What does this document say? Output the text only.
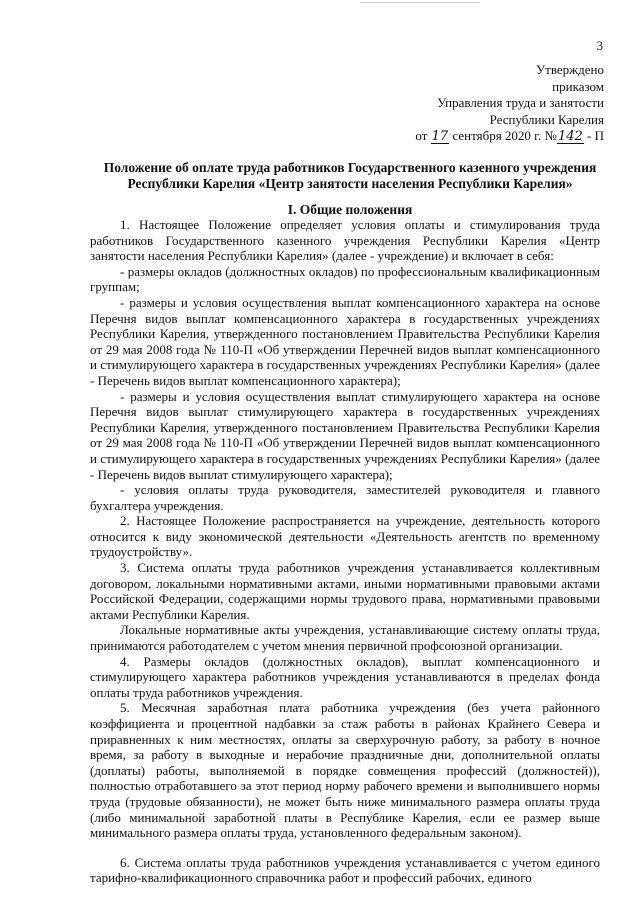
3
Утверждено
приказом
Управления труда и занятости
Республики Карелия
от 17 сентября 2020 г. №142 - П
Положение об оплате труда работников Государственного казенного учреждения
Республики Карелия «Центр занятости населения Республики Карелия»
I. Общие положения

1. Настоящее Положение определяет условия оплаты и стимулирования труда работников Государственного казенного учреждения Республики Карелия «Центр занятости населения Республики Карелия» (далее - учреждение) и включает в себя:

- размеры окладов (должностных окладов) по профессиональным квалификационным группам;

- размеры и условия осуществления выплат компенсационного характера на основе Перечня видов выплат компенсационного характера в государственных учреждениях Республики Карелия, утвержденного постановлением Правительства Республики Карелия от 29 мая 2008 года № 110-П «Об утверждении Перечней видов выплат компенсационного и стимулирующего характера в государственных учреждениях Республики Карелия» (далее - Перечень видов выплат компенсационного характера);

- размеры и условия осуществления выплат стимулирующего характера на основе Перечня видов выплат стимулирующего характера в государственных учреждениях Республики Карелия, утвержденного постановлением Правительства Республики Карелия от 29 мая 2008 года № 110-П «Об утверждении Перечней видов выплат компенсационного и стимулирующего характера в государственных учреждениях Республики Карелия» (далее - Перечень видов выплат стимулирующего характера);

- условия оплаты труда руководителя, заместителей руководителя и главного бухгалтера учреждения.

2. Настоящее Положение распространяется на учреждение, деятельность которого относится к виду экономической деятельности «Деятельность агентств по временному трудоустройству».

3. Система оплаты труда работников учреждения устанавливается коллективным договором, локальными нормативными актами, иными нормативными правовыми актами Российской Федерации, содержащими нормы трудового права, нормативными правовыми актами Республики Карелия.

Локальные нормативные акты учреждения, устанавливающие систему оплаты труда, принимаются работодателем с учетом мнения первичной профсоюзной организации.

4. Размеры окладов (должностных окладов), выплат компенсационного и стимулирующего характера работников учреждения устанавливаются в пределах фонда оплаты труда работников учреждения.

5. Месячная заработная плата работника учреждения (без учета районного коэффициента и процентной надбавки за стаж работы в районах Крайнего Севера и приравненных к ним местностях, оплаты за сверхурочную работу, за работу в ночное время, за работу в выходные и нерабочие праздничные дни, дополнительной оплаты (доплаты) работы, выполняемой в порядке совмещения профессий (должностей)), полностью отработавшего за этот период норму рабочего времени и выполнившего нормы труда (трудовые обязанности), не может быть ниже минимального размера оплаты труда (либо минимальной заработной платы в Республике Карелия, если ее размер выше минимального размера оплаты труда, установленного федеральным законом).

6. Система оплаты труда работников учреждения устанавливается с учетом единого тарифно-квалификационного справочника работ и профессий рабочих, единого
